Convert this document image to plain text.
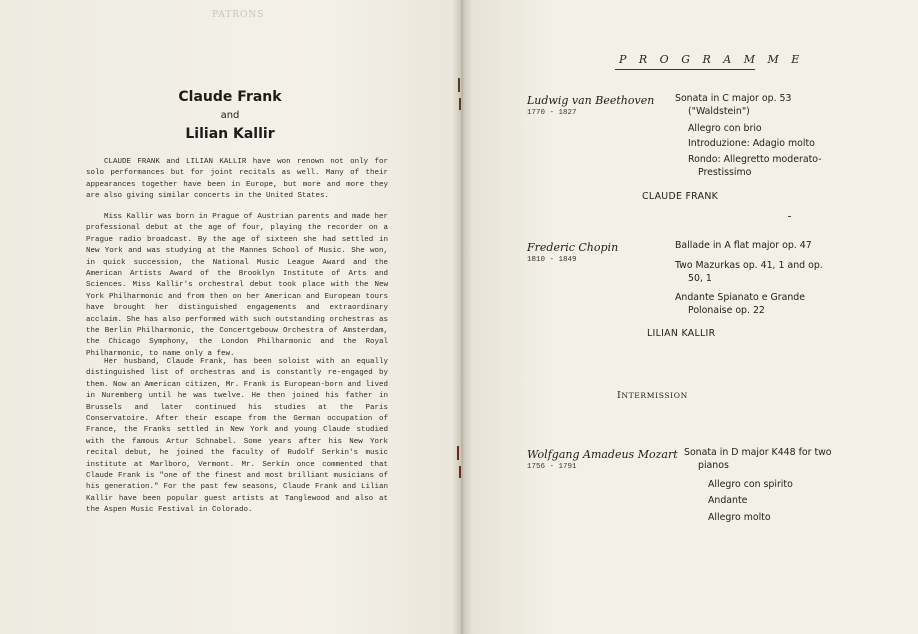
PATRONS
Claude Frank
and
Lilian Kallir

CLAUDE FRANK and LILIAN KALLIR have won renown not only for solo performances but for joint recitals as well. Many of their appearances together have been in Europe, but more and more they are also giving similar concerts in the United States.

Miss Kallir was born in Prague of Austrian parents and made her professional debut at the age of four, playing the recorder on a Prague radio broadcast. By the age of sixteen she had settled in New York and was studying at the Mannes School of Music. She won, in quick succession, the National Music League Award and the American Artists Award of the Brooklyn Institute of Arts and Sciences. Miss Kallir's orchestral debut took place with the New York Philharmonic and from then on her American and European tours have brought her distinguished engagements and extraordinary acclaim. She has also performed with such outstanding orchestras as the Berlin Philharmonic, the Concertgebouw Orchestra of Amsterdam, the Chicago Symphony, the London Philharmonic and the Royal Philharmonic, to name only a few.

Her husband, Claude Frank, has been soloist with an equally distinguished list of orchestras and is constantly re-engaged by them. Now an American citizen, Mr. Frank is European-born and lived in Nuremberg until he was twelve. He then joined his father in Brussels and later continued his studies at the Paris Conservatoire. After their escape from the German occupation of France, the Franks settled in New York and young Claude studied with the famous Artur Schnabel. Some years after his New York recital debut, he joined the faculty of Rudolf Serkin's music institute at Marlboro, Vermont. Mr. Serkin once commented that Claude Frank is "one of the finest and most brilliant musicians of his generation." For the past few seasons, Claude Frank and Lilian Kallir have been popular guest artists at Tanglewood and also at the Aspen Music Festival in Colorado.

P R O G R A M M E
Ludwig van Beethoven
1770 - 1827
Sonata in C major op. 53
("Waldstein")
Allegro con brio
Introduzione: Adagio molto
Rondo: Allegretto moderato-
Prestissimo
CLAUDE FRANK
Frederic Chopin
1810 - 1849
Ballade in A flat major op. 47
Two Mazurkas op. 41, 1 and op.
50, 1
Andante Spianato e Grande
Polonaise op. 22
LILIAN KALLIR
INTERMISSION
Wolfgang Amadeus Mozart
1756 - 1791
Sonata in D major K448 for two
pianos
Allegro con spirito
Andante
Allegro molto
